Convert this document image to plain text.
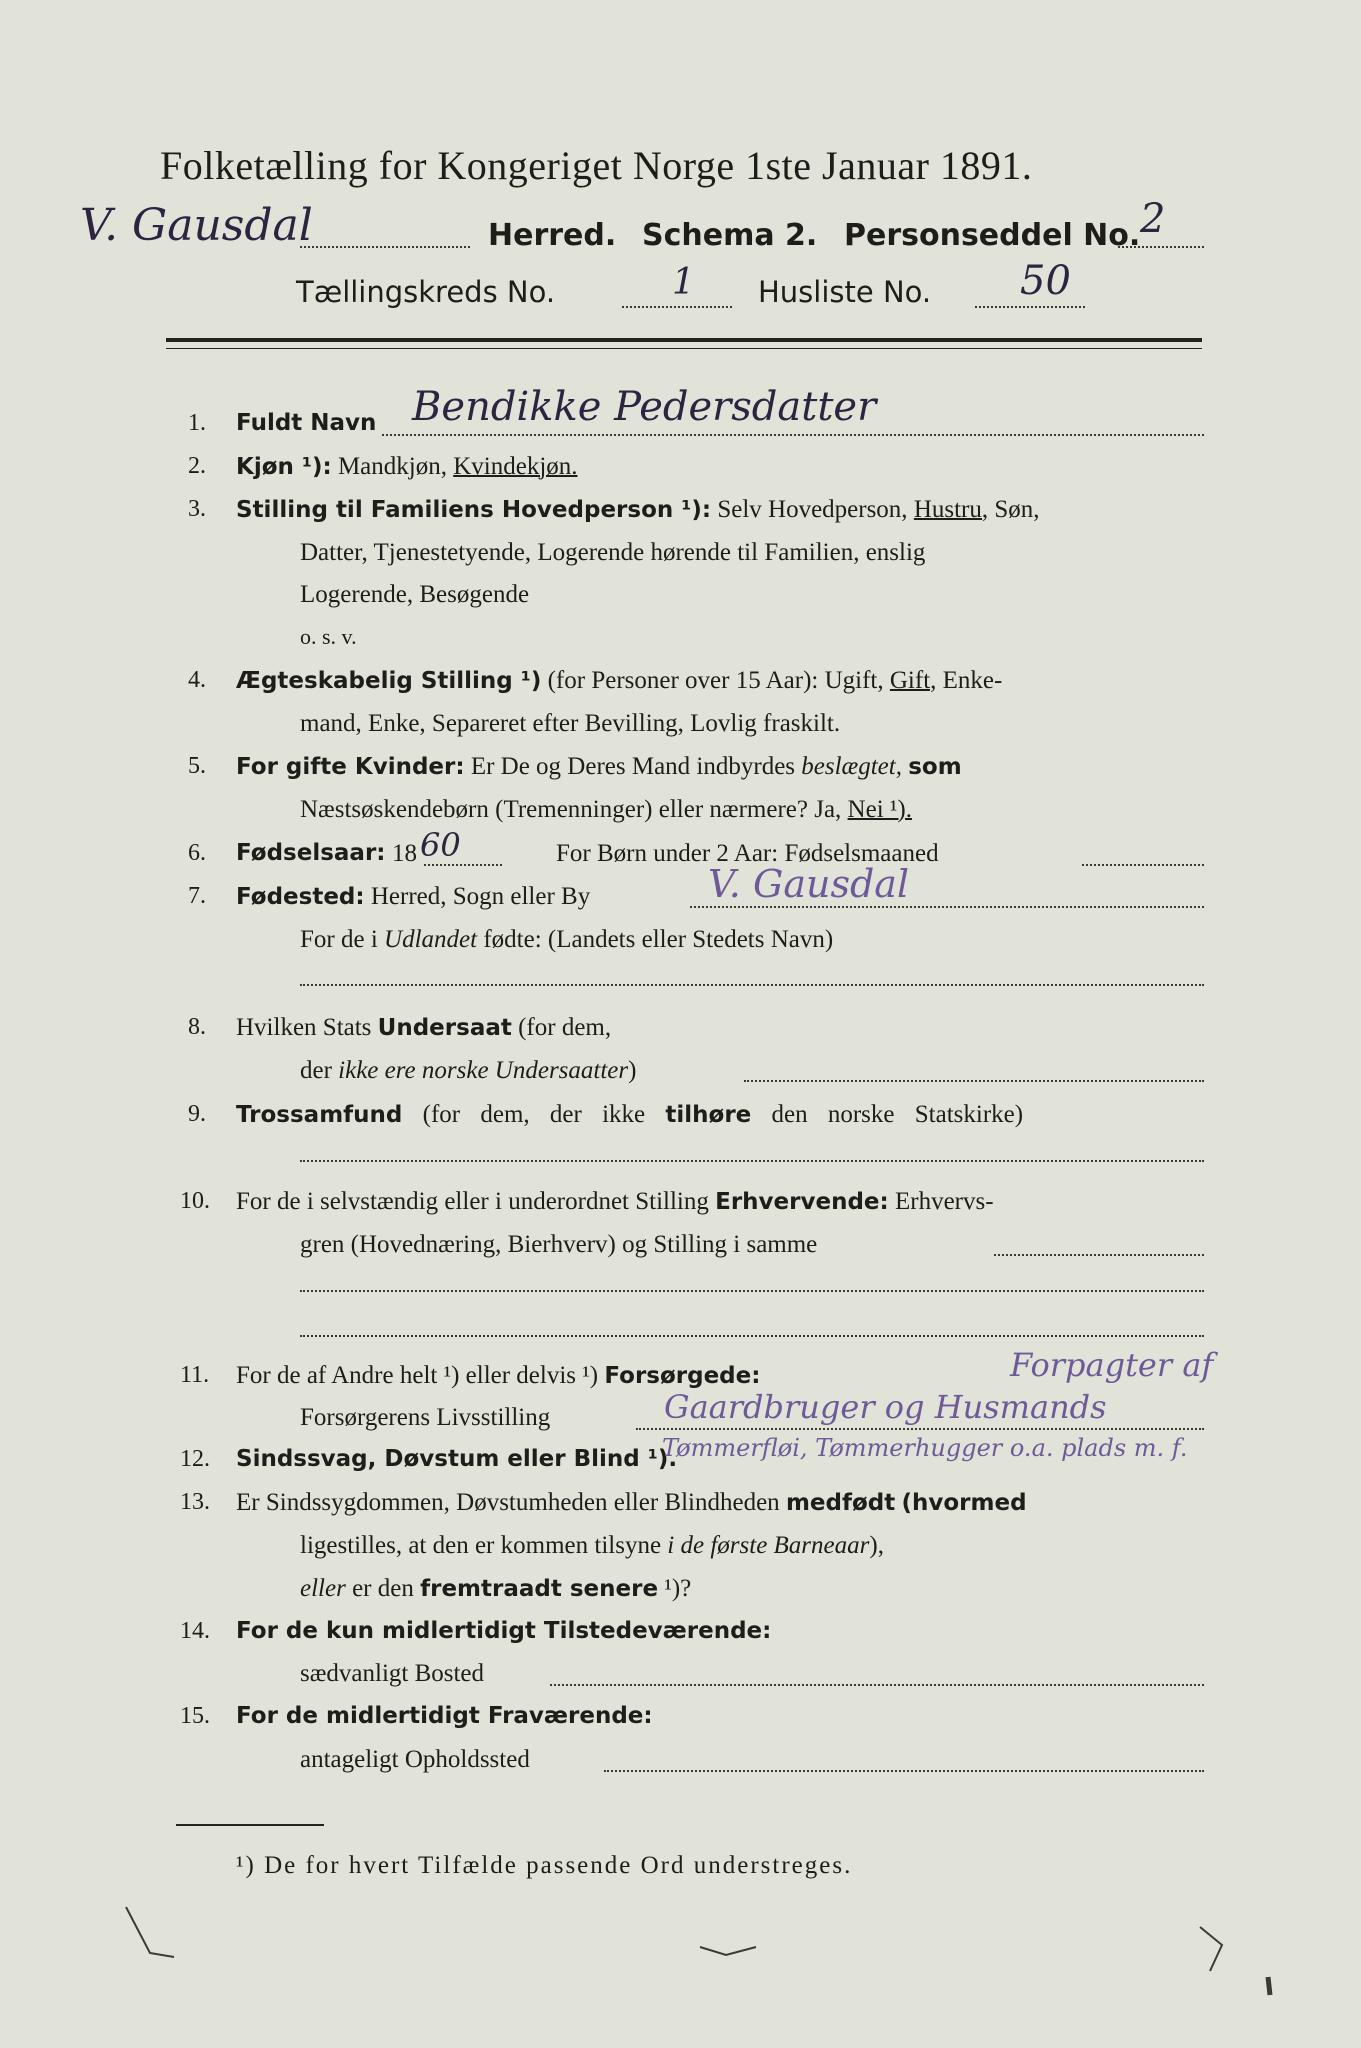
Folketælling for Kongeriget Norge 1ste Januar 1891.
V. Gausdal	Herred. Schema 2. Personseddel No. 2
Tællingskreds No.	1 Husliste No. 50
1. Fuldt Navn Bendikke Pedersdatter
2. Kjøn ¹): Mandkjøn, Kvindekjøn.
3. Stilling til Familiens Hovedperson ¹): Selv Hovedperson, Hustru, Søn,
Datter, Tjenestetyende, Logerende hørende til Familien, enslig
Logerende, Besøgende
o. s. v.
4. Ægteskabelig Stilling ¹) (for Personer over 15 Aar): Ugift, Gift, Enke-
mand, Enke, Separeret efter Bevilling, Lovlig fraskilt.
5. For gifte Kvinder: Er De og Deres Mand indbyrdes beslægtet, som
Næstsøskendebørn (Tremenninger) eller nærmere? Ja, Nei ¹).
6. Fødselsaar: 18 60	For Børn under 2 Aar: Fødselsmaaned
7. Fødested: Herred, Sogn eller By	V. Gausdal
For de i Udlandet fødte: (Landets eller Stedets Navn)
8. Hvilken Stats Undersaat (for dem,
der ikke ere norske Undersaatter)
9. Trossamfund (for dem, der ikke tilhøre den norske Statskirke)
10. For de i selvstændig eller i underordnet Stilling Erhvervende: Erhvervs-
gren (Hovednæring, Bierhverv) og Stilling i samme
11. For de af Andre helt ¹) eller delvis ¹) Forsørgede:	Forpagter af
Forsørgerens Livsstilling	Gaardbruger og Husmands
12. Sindssvag, Døvstum eller Blind ¹).
Tømmerfløi, Tømmerhugger o.a. plads m. f.
13. Er Sindssygdommen, Døvstumheden eller Blindheden medfødt (hvormed
ligestilles, at den er kommen tilsyne i de første Barneaar),
eller er den fremtraadt senere ¹)?
14. For de kun midlertidigt Tilstedeværende:
sædvanligt Bosted
15. For de midlertidigt Fraværende:
antageligt Opholdssted
¹) De for hvert Tilfælde passende Ord understreges.
